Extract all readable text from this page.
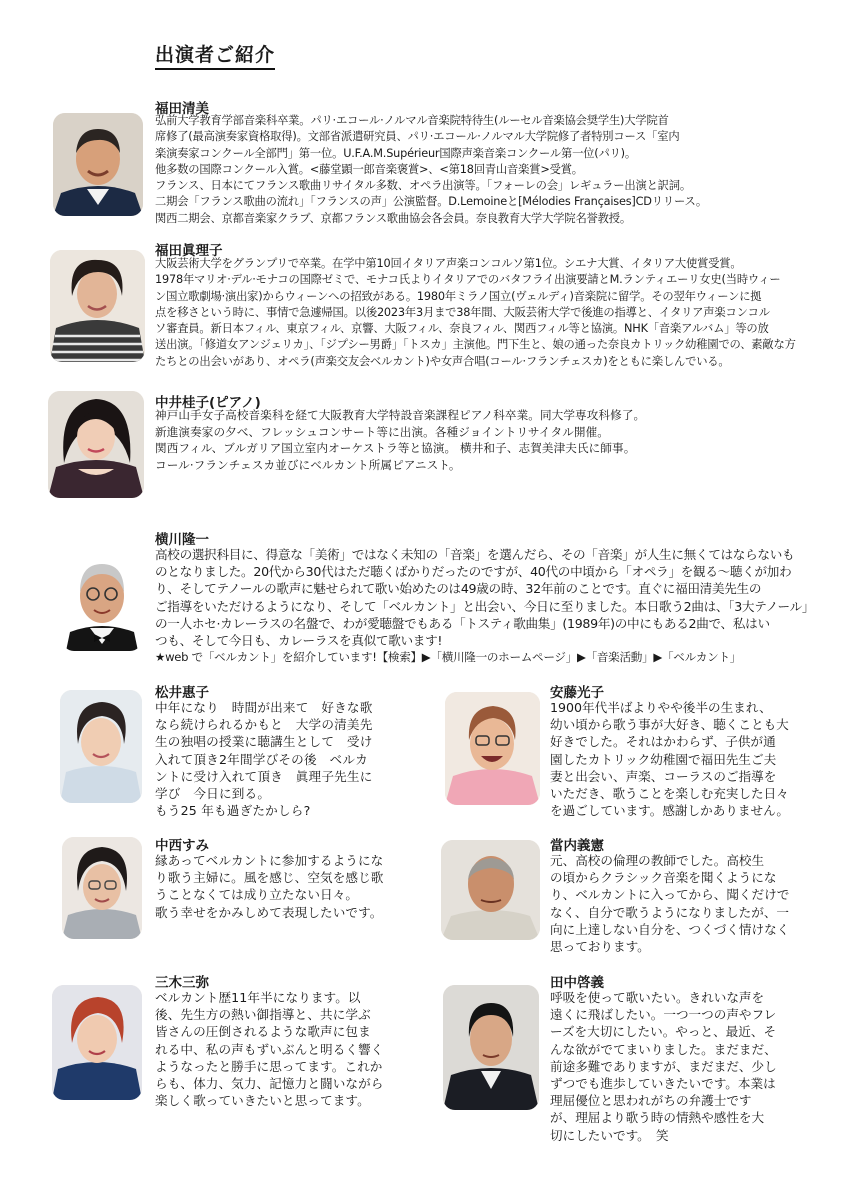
出演者ご紹介
福田清美
弘前大学教育学部音楽科卒業。パリ·エコール·ノルマル音楽院特待生(ルーセル音楽協会奨学生)大学院首
席修了(最高演奏家資格取得)。文部省派遣研究員、パリ·エコール·ノルマル大学院修了者特別コース「室内
楽演奏家コンクール全部門」第一位。U.F.A.M.Supérieur国際声楽音楽コンクール第一位(パリ)。
他多数の国際コンクール入賞。<藤堂顕一郎音楽褒賞>、<第18回青山音楽賞>受賞。
フランス、日本にてフランス歌曲リサイタル多数、オペラ出演等。「フォーレの会」レギュラー出演と訳詞。
二期会「フランス歌曲の流れ」「フランスの声」公演監督。D.Lemoineと[Mélodies Françaises]CDリリース。
関西二期会、京都音楽家クラブ、京都フランス歌曲協会各会員。奈良教育大学大学院名誉教授。
福田眞理子
大阪芸術大学をグランプリで卒業。在学中第10回イタリア声楽コンコルソ第1位。シエナ大賞、イタリア大使賞受賞。
1978年マリオ·デル·モナコの国際ゼミで、モナコ氏よりイタリアでのバタフライ出演要請とM.ランティエーリ女史(当時ウィー
ン国立歌劇場·演出家)からウィーンへの招致がある。1980年ミラノ国立(ヴェルディ)音楽院に留学。その翌年ウィーンに拠
点を移さという時に、事情で急遽帰国。以後2023年3月まで38年間、大阪芸術大学で後進の指導と、イタリア声楽コンコル
ソ審査員。新日本フィル、東京フィル、京響、大阪フィル、奈良フィル、関西フィル等と協演。NHK「音楽アルバム」等の放
送出演。「修道女アンジェリカ」、「ジプシー男爵」「トスカ」主演他。門下生と、娘の通った奈良カトリック幼稚園での、素敵な方
たちとの出会いがあり、オペラ(声楽交友会ベルカント)や女声合唱(コール·フランチェスカ)をともに楽しんでいる。
中井桂子(ピアノ)
神戸山手女子高校音楽科を経て大阪教育大学特設音楽課程ピアノ科卒業。同大学専攻科修了。
新進演奏家の夕べ、フレッシュコンサート等に出演。各種ジョイントリサイタル開催。
関西フィル、ブルガリア国立室内オーケストラ等と協演。 横井和子、志賀美津夫氏に師事。
コール·フランチェスカ並びにベルカント所属ピアニスト。
横川隆一
高校の選択科目に、得意な「美術」ではなく未知の「音楽」を選んだら、その「音楽」が人生に無くてはならないも
のとなりました。20代から30代はただ聴くばかりだったのですが、40代の中頃から「オペラ」を観る〜聴くが加わ
り、そしてテノールの歌声に魅せられて歌い始めたのは49歳の時、32年前のことです。直ぐに福田清美先生の
ご指導をいただけるようになり、そして「ベルカント」と出会い、今日に至りました。本日歌う2曲は、「3大テノール」
の一人ホセ·カレーラスの名盤で、わが愛聴盤でもある「トスティ歌曲集」(1989年)の中にもある2曲で、私はい
つも、そして今日も、カレーラスを真似て歌います!
★web で「ベルカント」を紹介しています!【検索】▶「横川隆一のホームページ」▶「音楽活動」▶「ベルカント」
松井惠子
中年になり　時間が出来て　好きな歌
なら続けられるかもと　大学の清美先
生の独唱の授業に聴講生として　受け
入れて頂き2年間学びその後　ベルカ
ントに受け入れて頂き　眞理子先生に
学び　今日に到る。
もう25 年も過ぎたかしら?
安藤光子
1900年代半ばよりやや後半の生まれ、
幼い頃から歌う事が大好き、聴くことも大
好きでした。それはかわらず、子供が通
園したカトリック幼稚園で福田先生ご夫
妻と出会い、声楽、コーラスのご指導を
いただき、歌うことを楽しむ充実した日々
を過ごしています。感謝しかありません。
中西すみ
縁あってベルカントに参加するようにな
り歌う主婦に。風を感じ、空気を感じ歌
うことなくては成り立たない日々。
歌う幸せをかみしめて表現したいです。
當内義憲
元、高校の倫理の教師でした。高校生
の頃からクラシック音楽を聞くようにな
り、ベルカントに入ってから、聞くだけで
なく、自分で歌うようになりましたが、一
向に上達しない自分を、つくづく情けなく
思っております。
三木三弥
ベルカント歴11年半になります。以
後、先生方の熱い御指導と、共に学ぶ
皆さんの圧倒されるような歌声に包ま
れる中、私の声もずいぶんと明るく響く
ようなったと勝手に思ってます。これか
らも、体力、気力、記憶力と闘いながら
楽しく歌っていきたいと思ってます。
田中啓義
呼吸を使って歌いたい。きれいな声を
遠くに飛ばしたい。一つ一つの声やフレ
ーズを大切にしたい。やっと、最近、そ
んな欲がでてまいりました。まだまだ、
前途多難でありますが、まだまだ、少し
ずつでも進歩していきたいです。本業は
理屈優位と思われがちの弁護士です
が、理屈より歌う時の情熱や感性を大
切にしたいです。　笑
